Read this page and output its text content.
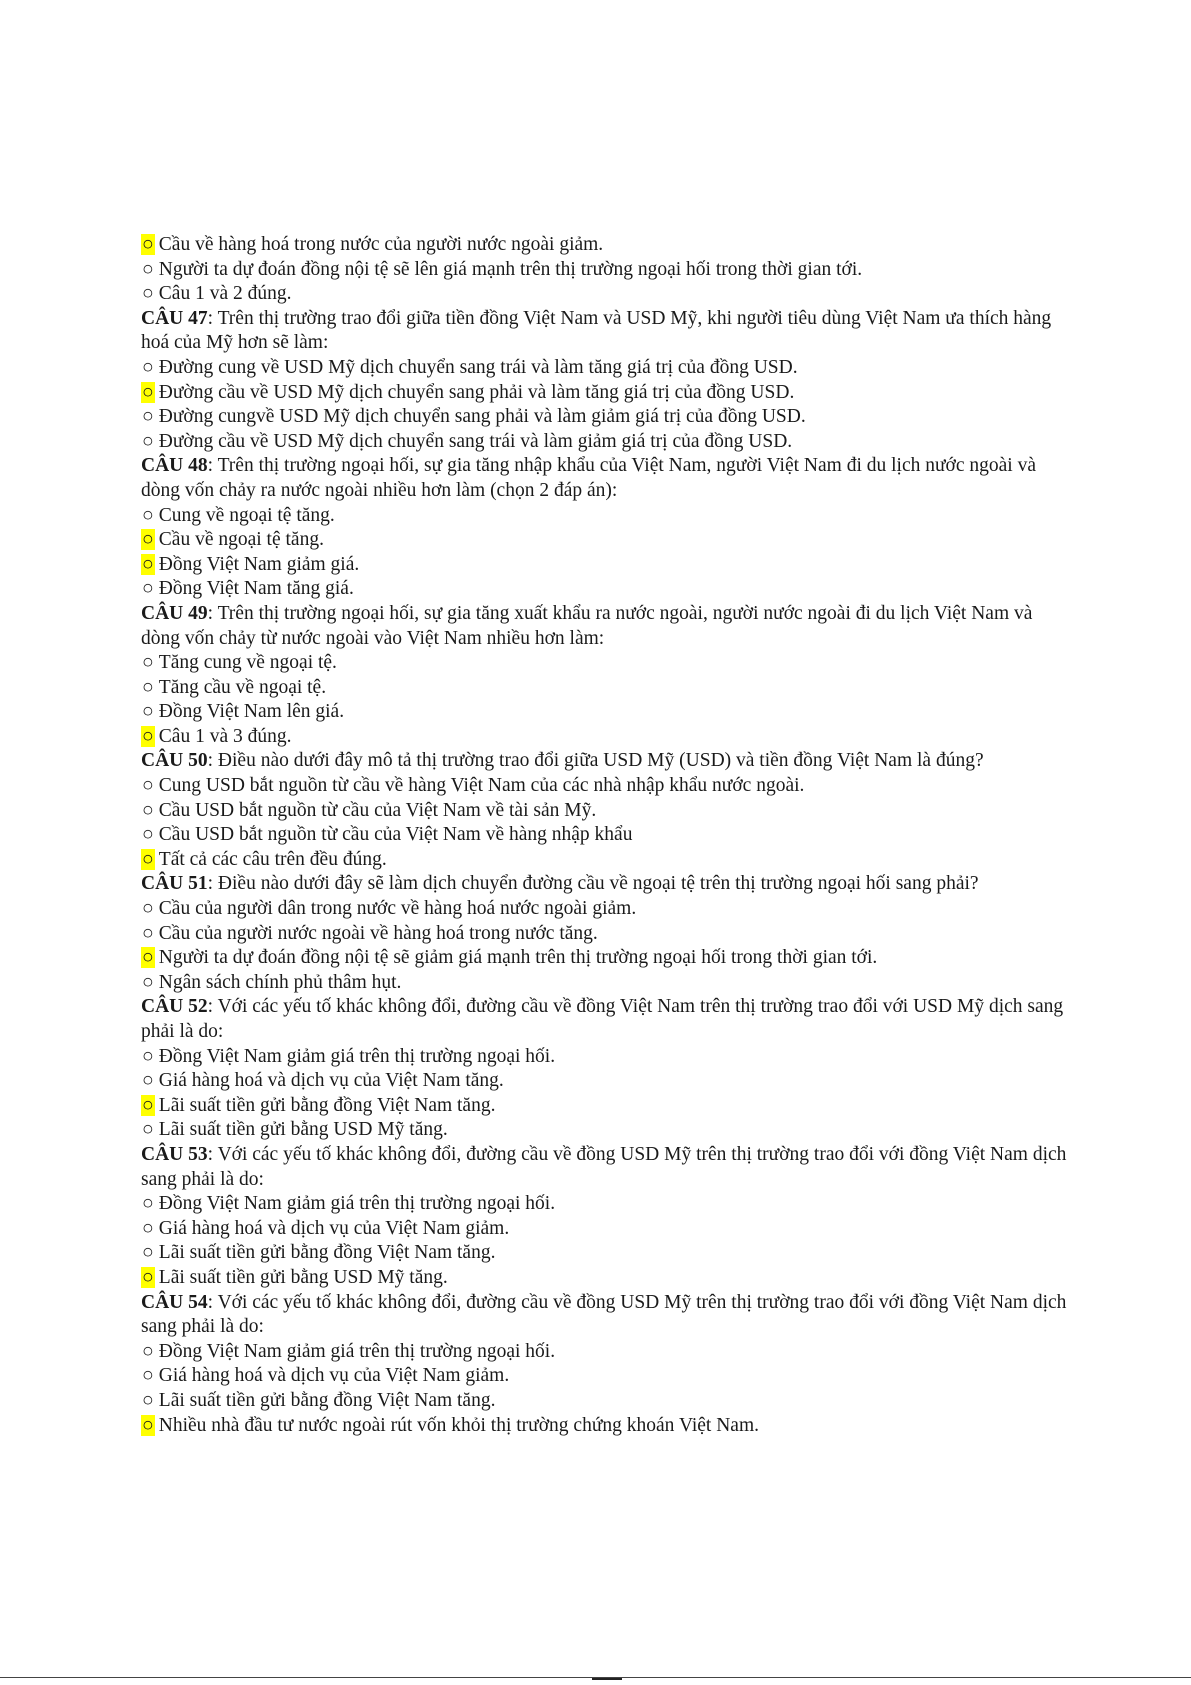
○ Cầu về hàng hoá trong nước của người nước ngoài giảm.
○ Người ta dự đoán đồng nội tệ sẽ lên giá mạnh trên thị trường ngoại hối trong thời gian tới.
○ Câu 1 và 2 đúng.
CÂU 47: Trên thị trường trao đổi giữa tiền đồng Việt Nam và USD Mỹ, khi người tiêu dùng Việt Nam ưa thích hàng hoá của Mỹ hơn sẽ làm:
○ Đường cung về USD Mỹ dịch chuyển sang trái và làm tăng giá trị của đồng USD.
○ Đường cầu về USD Mỹ dịch chuyển sang phải và làm tăng giá trị của đồng USD.
○ Đường cungvề USD Mỹ dịch chuyển sang phải và làm giảm giá trị của đồng USD.
○ Đường cầu về USD Mỹ dịch chuyển sang trái và làm giảm giá trị của đồng USD.
CÂU 48: Trên thị trường ngoại hối, sự gia tăng nhập khẩu của Việt Nam, người Việt Nam đi du lịch nước ngoài và dòng vốn chảy ra nước ngoài nhiều hơn làm (chọn 2 đáp án):
○ Cung về ngoại tệ tăng.
○ Cầu về ngoại tệ tăng.
○ Đồng Việt Nam giảm giá.
○ Đồng Việt Nam tăng giá.
CÂU 49: Trên thị trường ngoại hối, sự gia tăng xuất khẩu ra nước ngoài, người nước ngoài đi du lịch Việt Nam và dòng vốn chảy từ nước ngoài vào Việt Nam nhiều hơn làm:
○ Tăng cung về ngoại tệ.
○ Tăng cầu về ngoại tệ.
○ Đồng Việt Nam lên giá.
○ Câu 1 và 3 đúng.
CÂU 50: Điều nào dưới đây mô tả thị trường trao đổi giữa USD Mỹ (USD) và tiền đồng Việt Nam là đúng?
○ Cung USD bắt nguồn từ cầu về hàng Việt Nam của các nhà nhập khẩu nước ngoài.
○ Cầu USD bắt nguồn từ cầu của Việt Nam về tài sản Mỹ.
○ Cầu USD bắt nguồn từ cầu của Việt Nam về hàng nhập khẩu
○ Tất cả các câu trên đều đúng.
CÂU 51: Điều nào dưới đây sẽ làm dịch chuyển đường cầu về ngoại tệ trên thị trường ngoại hối sang phải?
○ Cầu của người dân trong nước về hàng hoá nước ngoài giảm.
○ Cầu của người nước ngoài về hàng hoá trong nước tăng.
○ Người ta dự đoán đồng nội tệ sẽ giảm giá mạnh trên thị trường ngoại hối trong thời gian tới.
○ Ngân sách chính phủ thâm hụt.
CÂU 52: Với các yếu tố khác không đổi, đường cầu về đồng Việt Nam trên thị trường trao đổi với USD Mỹ dịch sang phải là do:
○ Đồng Việt Nam giảm giá trên thị trường ngoại hối.
○ Giá hàng hoá và dịch vụ của Việt Nam tăng.
○ Lãi suất tiền gửi bằng đồng Việt Nam tăng.
○ Lãi suất tiền gửi bằng USD Mỹ tăng.
CÂU 53: Với các yếu tố khác không đổi, đường cầu về đồng USD Mỹ trên thị trường trao đổi với đồng Việt Nam dịch sang phải là do:
○ Đồng Việt Nam giảm giá trên thị trường ngoại hối.
○ Giá hàng hoá và dịch vụ của Việt Nam giảm.
○ Lãi suất tiền gửi bằng đồng Việt Nam tăng.
○ Lãi suất tiền gửi bằng USD Mỹ tăng.
CÂU 54: Với các yếu tố khác không đổi, đường cầu về đồng USD Mỹ trên thị trường trao đổi với đồng Việt Nam dịch sang phải là do:
○ Đồng Việt Nam giảm giá trên thị trường ngoại hối.
○ Giá hàng hoá và dịch vụ của Việt Nam giảm.
○ Lãi suất tiền gửi bằng đồng Việt Nam tăng.
○ Nhiều nhà đầu tư nước ngoài rút vốn khỏi thị trường chứng khoán Việt Nam.
